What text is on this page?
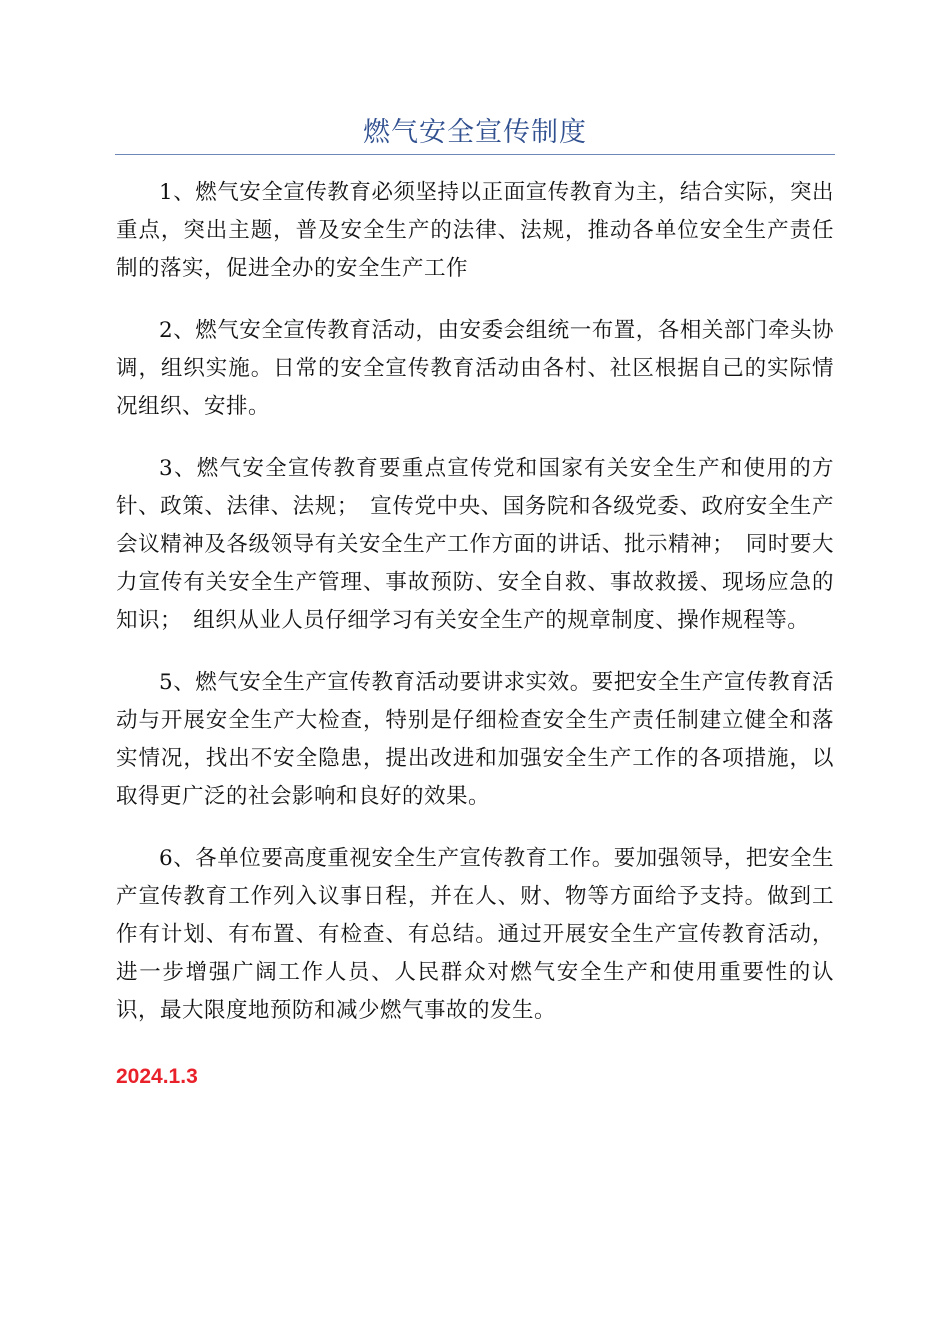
燃气安全宣传制度

1、燃气安全宣传教育必须坚持以正面宣传教育为主，结合实际，突出重点，突出主题，普及安全生产的法律、法规，推动各单位安全生产责任制的落实，促进全办的安全生产工作

2、燃气安全宣传教育活动，由安委会组统一布置，各相关部门牵头协调，组织实施。日常的安全宣传教育活动由各村、社区根据自己的实际情况组织、安排。

3、燃气安全宣传教育要重点宣传党和国家有关安全生产和使用的方针、政策、法律、法规；　宣传党中央、国务院和各级党委、政府安全生产会议精神及各级领导有关安全生产工作方面的讲话、批示精神；　同时要大力宣传有关安全生产管理、事故预防、安全自救、事故救援、现场应急的知识；　组织从业人员仔细学习有关安全生产的规章制度、操作规程等。

5、燃气安全生产宣传教育活动要讲求实效。要把安全生产宣传教育活动与开展安全生产大检查，特别是仔细检查安全生产责任制建立健全和落实情况，找出不安全隐患，提出改进和加强安全生产工作的各项措施，以取得更广泛的社会影响和良好的效果。

6、各单位要高度重视安全生产宣传教育工作。要加强领导，把安全生产宣传教育工作列入议事日程，并在人、财、物等方面给予支持。做到工作有计划、有布置、有检查、有总结。通过开展安全生产宣传教育活动，进一步增强广阔工作人员、人民群众对燃气安全生产和使用重要性的认识，最大限度地预防和减少燃气事故的发生。

2024.1.3
